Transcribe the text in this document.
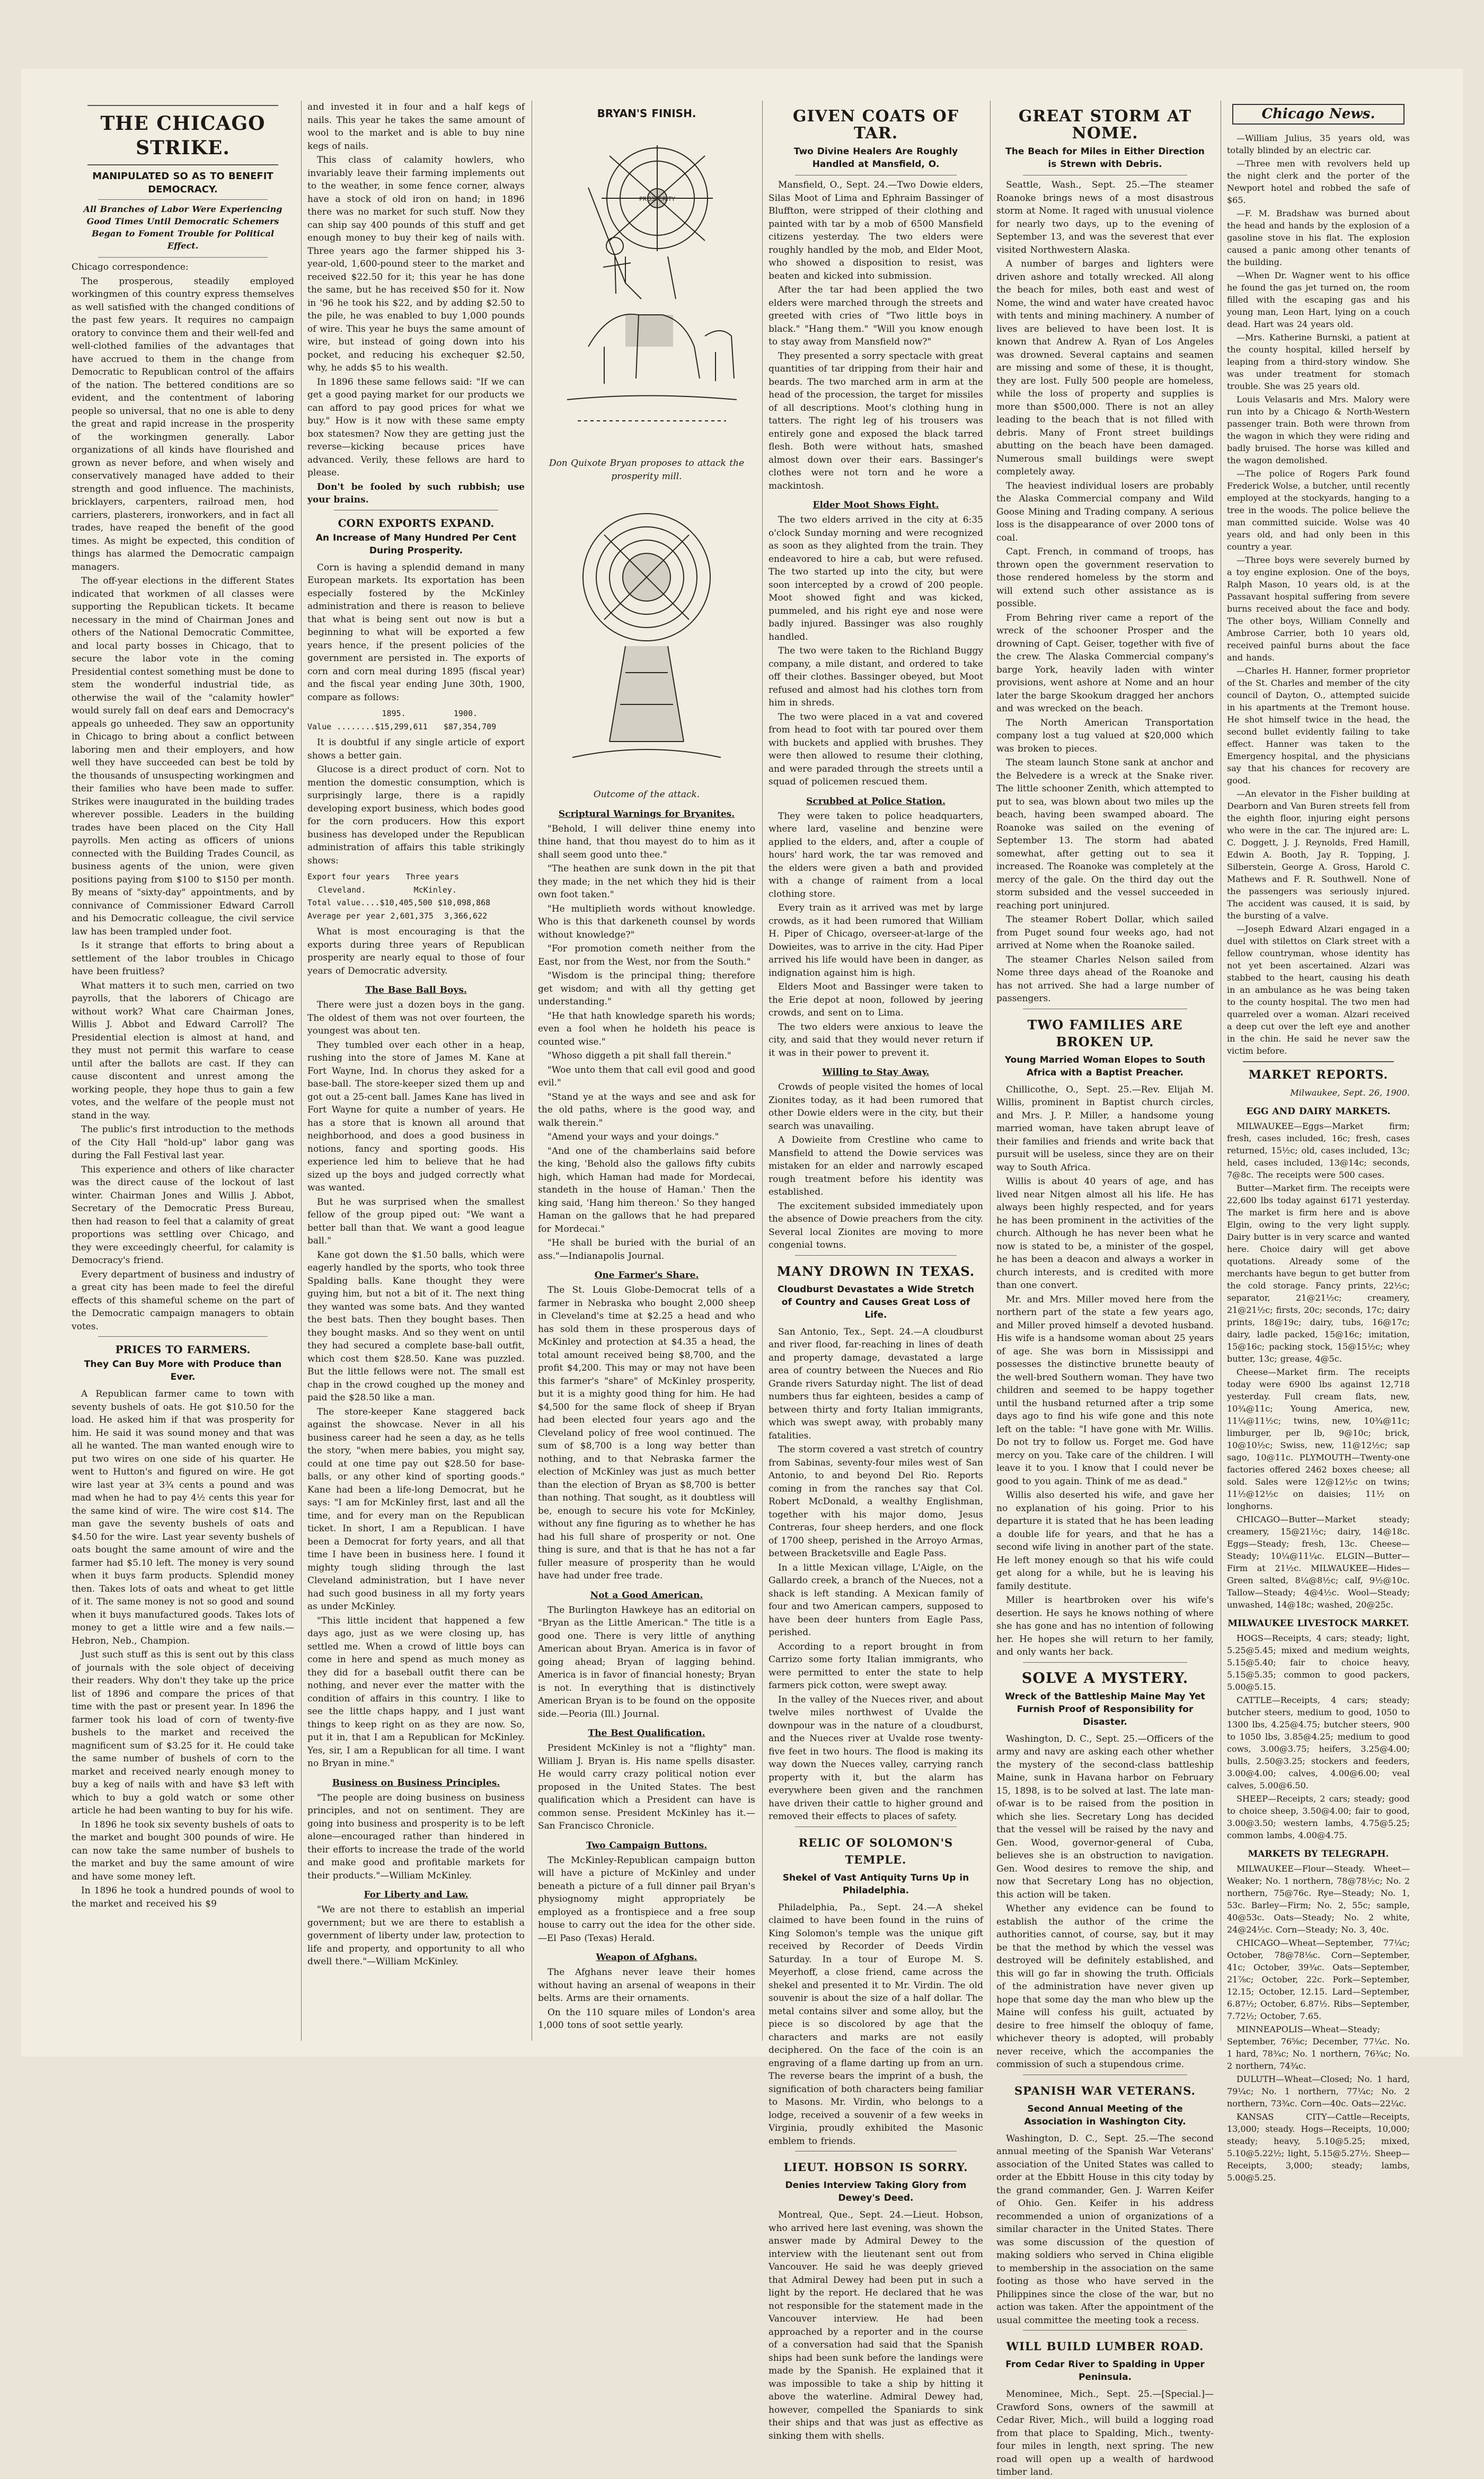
THE CHICAGO STRIKE.
MANIPULATED SO AS TO BENEFIT DEMOCRACY.
All Branches of Labor Were Experiencing Good Times Until Democratic Schemers Began to Foment Trouble for Political Effect.

Chicago correspondence:

The prosperous, steadily employed workingmen of this country express themselves as well satisfied with the changed conditions of the past few years. It requires no campaign oratory to convince them and their well-fed and well-clothed families of the advantages that have accrued to them in the change from Democratic to Republican control of the affairs of the nation. The bettered conditions are so evident, and the contentment of laboring people so universal, that no one is able to deny the great and rapid increase in the prosperity of the workingmen generally. Labor organizations of all kinds have flourished and grown as never before, and when wisely and conservatively managed have added to their strength and good influence. The machinists, bricklayers, carpenters, railroad men, hod carriers, plasterers, ironworkers, and in fact all trades, have reaped the benefit of the good times. As might be expected, this condition of things has alarmed the Democratic campaign managers.

The off-year elections in the different States indicated that workmen of all classes were supporting the Republican tickets. It became necessary in the mind of Chairman Jones and others of the National Democratic Committee, and local party bosses in Chicago, that to secure the labor vote in the coming Presidential contest something must be done to stem the wonderful industrial tide, as otherwise the wail of the "calamity howler" would surely fall on deaf ears and Democracy's appeals go unheeded. They saw an opportunity in Chicago to bring about a conflict between laboring men and their employers, and how well they have succeeded can best be told by the thousands of unsuspecting workingmen and their families who have been made to suffer. Strikes were inaugurated in the building trades wherever possible. Leaders in the building trades have been placed on the City Hall payrolls. Men acting as officers of unions connected with the Building Trades Council, as business agents of the union, were given positions paying from $100 to $150 per month. By means of "sixty-day" appointments, and by connivance of Commissioner Edward Carroll and his Democratic colleague, the civil service law has been trampled under foot.

Is it strange that efforts to bring about a settlement of the labor troubles in Chicago have been fruitless?

What matters it to such men, carried on two payrolls, that the laborers of Chicago are without work? What care Chairman Jones, Willis J. Abbot and Edward Carroll? The Presidential election is almost at hand, and they must not permit this warfare to cease until after the ballots are cast. If they can cause discontent and unrest among the working people, they hope thus to gain a few votes, and the welfare of the people must not stand in the way.

The public's first introduction to the methods of the City Hall "hold-up" labor gang was during the Fall Festival last year.

This experience and others of like character was the direct cause of the lockout of last winter. Chairman Jones and Willis J. Abbot, Secretary of the Democratic Press Bureau, then had reason to feel that a calamity of great proportions was settling over Chicago, and they were exceedingly cheerful, for calamity is Democracy's friend.

Every department of business and industry of a great city has been made to feel the direful effects of this shameful scheme on the part of the Democratic campaign managers to obtain votes.

PRICES TO FARMERS.
They Can Buy More with Produce than Ever.

A Republican farmer came to town with seventy bushels of oats. He got $10.50 for the load. He asked him if that was prosperity for him. He said it was sound money and that was all he wanted. The man wanted enough wire to put two wires on one side of his quarter. He went to Hutton's and figured on wire. He got wire last year at 3¾ cents a pound and was mad when he had to pay 4½ cents this year for the same kind of wire. The wire cost $14. The man gave the seventy bushels of oats and $4.50 for the wire. Last year seventy bushels of oats bought the same amount of wire and the farmer had $5.10 left. The money is very sound when it buys farm products. Splendid money then. Takes lots of oats and wheat to get little of it. The same money is not so good and sound when it buys manufactured goods. Takes lots of money to get a little wire and a few nails.—Hebron, Neb., Champion.

Just such stuff as this is sent out by this class of journals with the sole object of deceiving their readers. Why don't they take up the price list of 1896 and compare the prices of that time with the past or present year. In 1896 the farmer took his load of corn of twenty-five bushels to the market and received the magnificent sum of $3.25 for it. He could take the same number of bushels of corn to the market and received nearly enough money to buy a keg of nails with and have $3 left with which to buy a gold watch or some other article he had been wanting to buy for his wife.

In 1896 he took six seventy bushels of oats to the market and bought 300 pounds of wire. He can now take the same number of bushels to the market and buy the same amount of wire and have some money left.

In 1896 he took a hundred pounds of wool to the market and received his $9

and invested it in four and a half kegs of nails. This year he takes the same amount of wool to the market and is able to buy nine kegs of nails.

This class of calamity howlers, who invariably leave their farming implements out to the weather, in some fence corner, always have a stock of old iron on hand; in 1896 there was no market for such stuff. Now they can ship say 400 pounds of this stuff and get enough money to buy their keg of nails with. Three years ago the farmer shipped his 3-year-old, 1,600-pound steer to the market and received $22.50 for it; this year he has done the same, but he has received $50 for it. Now in '96 he took his $22, and by adding $2.50 to the pile, he was enabled to buy 1,000 pounds of wire. This year he buys the same amount of wire, but instead of going down into his pocket, and reducing his exchequer $2.50, why, he adds $5 to his wealth.

In 1896 these same fellows said: "If we can get a good paying market for our products we can afford to pay good prices for what we buy." How is it now with these same empty box statesmen? Now they are getting just the reverse—kicking because prices have advanced. Verily, these fellows are hard to please.

Don't be fooled by such rubbish; use your brains.

CORN EXPORTS EXPAND.
An Increase of Many Hundred Per Cent During Prosperity.

Corn is having a splendid demand in many European markets. Its exportation has been especially fostered by the McKinley administration and there is reason to believe that what is being sent out now is but a beginning to what will be exported a few years hence, if the present policies of the government are persisted in. The exports of corn and corn meal during 1895 (fiscal year) and the fiscal year ending June 30th, 1900, compare as follows:

1895.         1900.
Value ........$15,299,611   $87,354,709

It is doubtful if any single article of export shows a better gain.

Glucose is a direct product of corn. Not to mention the domestic consumption, which is surprisingly large, there is a rapidly developing export business, which bodes good for the corn producers. How this export business has developed under the Republican administration of affairs this table strikingly shows:

Export four years   Three years
Cleveland.         McKinley.
Total value....$10,405,500 $10,098,868
Average per year 2,601,375  3,366,622

What is most encouraging is that the exports during three years of Republican prosperity are nearly equal to those of four years of Democratic adversity.

The Base Ball Boys.

There were just a dozen boys in the gang. The oldest of them was not over fourteen, the youngest was about ten.

They tumbled over each other in a heap, rushing into the store of James M. Kane at Fort Wayne, Ind. In chorus they asked for a base-ball. The store-keeper sized them up and got out a 25-cent ball. James Kane has lived in Fort Wayne for quite a number of years. He has a store that is known all around that neighborhood, and does a good business in notions, fancy and sporting goods. His experience led him to believe that he had sized up the boys and judged correctly what was wanted.

But he was surprised when the smallest fellow of the group piped out: "We want a better ball than that. We want a good league ball."

Kane got down the $1.50 balls, which were eagerly handled by the sports, who took three Spalding balls. Kane thought they were guying him, but not a bit of it. The next thing they wanted was some bats. And they wanted the best bats. Then they bought bases. Then they bought masks. And so they went on until they had secured a complete base-ball outfit, which cost them $28.50. Kane was puzzled. But the little fellows were not. The small est chap in the crowd coughed up the money and paid the $28.50 like a man.

The store-keeper Kane staggered back against the showcase. Never in all his business career had he seen a day, as he tells the story, "when mere babies, you might say, could at one time pay out $28.50 for base-balls, or any other kind of sporting goods." Kane had been a life-long Democrat, but he says: "I am for McKinley first, last and all the time, and for every man on the Republican ticket. In short, I am a Republican. I have been a Democrat for forty years, and all that time I have been in business here. I found it mighty tough sliding through the last Cleveland administration, but I have never had such good business in all my forty years as under McKinley.

"This little incident that happened a few days ago, just as we were closing up, has settled me. When a crowd of little boys can come in here and spend as much money as they did for a baseball outfit there can be nothing, and never ever the matter with the condition of affairs in this country. I like to see the little chaps happy, and I just want things to keep right on as they are now. So, put it in, that I am a Republican for McKinley. Yes, sir, I am a Republican for all time. I want no Bryan in mine."

Business on Business Principles.

"The people are doing business on business principles, and not on sentiment. They are going into business and prosperity is to be left alone—encouraged rather than hindered in their efforts to increase the trade of the world and make good and profitable markets for their products."—William McKinley.

For Liberty and Law.

"We are not there to establish an imperial government; but we are there to establish a government of liberty under law, protection to life and property, and opportunity to all who dwell there."—William McKinley.

BRYAN'S FINISH.
PROSPERITY
Don Quixote Bryan proposes to attack the prosperity mill.
Outcome of the attack.
Scriptural Warnings for Bryanites.

"Behold, I will deliver thine enemy into thine hand, that thou mayest do to him as it shall seem good unto thee."

"The heathen are sunk down in the pit that they made; in the net which they hid is their own foot taken."

"He multiplieth words without knowledge. Who is this that darkeneth counsel by words without knowledge?"

"For promotion cometh neither from the East, nor from the West, nor from the South."

"Wisdom is the principal thing; therefore get wisdom; and with all thy getting get understanding."

"He that hath knowledge spareth his words; even a fool when he holdeth his peace is counted wise."

"Whoso diggeth a pit shall fall therein."

"Woe unto them that call evil good and good evil."

"Stand ye at the ways and see and ask for the old paths, where is the good way, and walk therein."

"Amend your ways and your doings."

"And one of the chamberlains said before the king, 'Behold also the gallows fifty cubits high, which Haman had made for Mordecai, standeth in the house of Haman.' Then the king said, 'Hang him thereon.' So they hanged Haman on the gallows that he had prepared for Mordecai."

"He shall be buried with the burial of an ass."—Indianapolis Journal.

One Farmer's Share.

The St. Louis Globe-Democrat tells of a farmer in Nebraska who bought 2,000 sheep in Cleveland's time at $2.25 a head and who has sold them in these prosperous days of McKinley and protection at $4.35 a head, the total amount received being $8,700, and the profit $4,200. This may or may not have been this farmer's "share" of McKinley prosperity, but it is a mighty good thing for him. He had $4,500 for the same flock of sheep if Bryan had been elected four years ago and the Cleveland policy of free wool continued. The sum of $8,700 is a long way better than nothing, and to that Nebraska farmer the election of McKinley was just as much better than the election of Bryan as $8,700 is better than nothing. That sought, as it doubtless will be, enough to secure his vote for McKinley, without any fine figuring as to whether he has had his full share of prosperity or not. One thing is sure, and that is that he has not a far fuller measure of prosperity than he would have had under free trade.

Not a Good American.

The Burlington Hawkeye has an editorial on "Bryan as the Little American." The title is a good one. There is very little of anything American about Bryan. America is in favor of going ahead; Bryan of lagging behind. America is in favor of financial honesty; Bryan is not. In everything that is distinctively American Bryan is to be found on the opposite side.—Peoria (Ill.) Journal.

The Best Qualification.

President McKinley is not a "flighty" man. William J. Bryan is. His name spells disaster. He would carry crazy political notion ever proposed in the United States. The best qualification which a President can have is common sense. President McKinley has it.—San Francisco Chronicle.

Two Campaign Buttons.

The McKinley-Republican campaign button will have a picture of McKinley and under beneath a picture of a full dinner pail Bryan's physiognomy might appropriately be employed as a frontispiece and a free soup house to carry out the idea for the other side.—El Paso (Texas) Herald.

Weapon of Afghans.

The Afghans never leave their homes without having an arsenal of weapons in their belts. Arms are their ornaments.

On the 110 square miles of London's area 1,000 tons of soot settle yearly.

GIVEN COATS OF TAR.
Two Divine Healers Are Roughly Handled at Mansfield, O.

Mansfield, O., Sept. 24.—Two Dowie elders, Silas Moot of Lima and Ephraim Bassinger of Bluffton, were stripped of their clothing and painted with tar by a mob of 6500 Mansfield citizens yesterday. The two elders were roughly handled by the mob, and Elder Moot, who showed a disposition to resist, was beaten and kicked into submission.

After the tar had been applied the two elders were marched through the streets and greeted with cries of "Two little boys in black." "Hang them." "Will you know enough to stay away from Mansfield now?"

They presented a sorry spectacle with great quantities of tar dripping from their hair and beards. The two marched arm in arm at the head of the procession, the target for missiles of all descriptions. Moot's clothing hung in tatters. The right leg of his trousers was entirely gone and exposed the black tarred flesh. Both were without hats, smashed almost down over their ears. Bassinger's clothes were not torn and he wore a mackintosh.

Elder Moot Shows Fight.

The two elders arrived in the city at 6:35 o'clock Sunday morning and were recognized as soon as they alighted from the train. They endeavored to hire a cab, but were refused. The two started up into the city, but were soon intercepted by a crowd of 200 people. Moot showed fight and was kicked, pummeled, and his right eye and nose were badly injured. Bassinger was also roughly handled.

The two were taken to the Richland Buggy company, a mile distant, and ordered to take off their clothes. Bassinger obeyed, but Moot refused and almost had his clothes torn from him in shreds.

The two were placed in a vat and covered from head to foot with tar poured over them with buckets and applied with brushes. They were then allowed to resume their clothing, and were paraded through the streets until a squad of policemen rescued them.

Scrubbed at Police Station.

They were taken to police headquarters, where lard, vaseline and benzine were applied to the elders, and, after a couple of hours' hard work, the tar was removed and the elders were given a bath and provided with a change of raiment from a local clothing store.

Every train as it arrived was met by large crowds, as it had been rumored that William H. Piper of Chicago, overseer-at-large of the Dowieites, was to arrive in the city. Had Piper arrived his life would have been in danger, as indignation against him is high.

Elders Moot and Bassinger were taken to the Erie depot at noon, followed by jeering crowds, and sent on to Lima.

The two elders were anxious to leave the city, and said that they would never return if it was in their power to prevent it.

Willing to Stay Away.

Crowds of people visited the homes of local Zionites today, as it had been rumored that other Dowie elders were in the city, but their search was unavailing.

A Dowieite from Crestline who came to Mansfield to attend the Dowie services was mistaken for an elder and narrowly escaped rough treatment before his identity was established.

The excitement subsided immediately upon the absence of Dowie preachers from the city. Several local Zionites are moving to more congenial towns.

MANY DROWN IN TEXAS.
Cloudburst Devastates a Wide Stretch of Country and Causes Great Loss of Life.

San Antonio, Tex., Sept. 24.—A cloudburst and river flood, far-reaching in lines of death and property damage, devastated a large area of country between the Nueces and Rio Grande rivers Saturday night. The list of dead numbers thus far eighteen, besides a camp of between thirty and forty Italian immigrants, which was swept away, with probably many fatalities.

The storm covered a vast stretch of country from Sabinas, seventy-four miles west of San Antonio, to and beyond Del Rio. Reports coming in from the ranches say that Col. Robert McDonald, a wealthy Englishman, together with his major domo, Jesus Contreras, four sheep herders, and one flock of 1700 sheep, perished in the Arroyo Armas, between Bracketsville and Eagle Pass.

In a little Mexican village, L'Aigle, on the Gallardo creek, a branch of the Nueces, not a shack is left standing. A Mexican family of four and two American campers, supposed to have been deer hunters from Eagle Pass, perished.

According to a report brought in from Carrizo some forty Italian immigrants, who were permitted to enter the state to help farmers pick cotton, were swept away.

In the valley of the Nueces river, and about twelve miles northwest of Uvalde the downpour was in the nature of a cloudburst, and the Nueces river at Uvalde rose twenty-five feet in two hours. The flood is making its way down the Nueces valley, carrying ranch property with it, but the alarm has everywhere been given and the ranchmen have driven their cattle to higher ground and removed their effects to places of safety.

RELIC OF SOLOMON'S TEMPLE.
Shekel of Vast Antiquity Turns Up in Philadelphia.

Philadelphia, Pa., Sept. 24.—A shekel claimed to have been found in the ruins of King Solomon's temple was the unique gift received by Recorder of Deeds Virdin Saturday. In a tour of Europe M. S. Meyerhoff, a close friend, came across the shekel and presented it to Mr. Virdin. The old souvenir is about the size of a half dollar. The metal contains silver and some alloy, but the piece is so discolored by age that the characters and marks are not easily deciphered. On the face of the coin is an engraving of a flame darting up from an urn. The reverse bears the imprint of a bush, the signification of both characters being familiar to Masons. Mr. Virdin, who belongs to a lodge, received a souvenir of a few weeks in Virginia, proudly exhibited the Masonic emblem to friends.

LIEUT. HOBSON IS SORRY.
Denies Interview Taking Glory from Dewey's Deed.

Montreal, Que., Sept. 24.—Lieut. Hobson, who arrived here last evening, was shown the answer made by Admiral Dewey to the interview with the lieutenant sent out from Vancouver. He said he was deeply grieved that Admiral Dewey had been put in such a light by the report. He declared that he was not responsible for the statement made in the Vancouver interview. He had been approached by a reporter and in the course of a conversation had said that the Spanish ships had been sunk before the landings were made by the Spanish. He explained that it was impossible to take a ship by hitting it above the waterline. Admiral Dewey had, however, compelled the Spaniards to sink their ships and that was just as effective as sinking them with shells.

GREAT STORM AT NOME.
The Beach for Miles in Either Direction is Strewn with Debris.

Seattle, Wash., Sept. 25.—The steamer Roanoke brings news of a most disastrous storm at Nome. It raged with unusual violence for nearly two days, up to the evening of September 13, and was the severest that ever visited Northwestern Alaska.

A number of barges and lighters were driven ashore and totally wrecked. All along the beach for miles, both east and west of Nome, the wind and water have created havoc with tents and mining machinery. A number of lives are believed to have been lost. It is known that Andrew A. Ryan of Los Angeles was drowned. Several captains and seamen are missing and some of these, it is thought, they are lost. Fully 500 people are homeless, while the loss of property and supplies is more than $500,000. There is not an alley leading to the beach that is not filled with debris. Many of Front street buildings abutting on the beach have been damaged. Numerous small buildings were swept completely away.

The heaviest individual losers are probably the Alaska Commercial company and Wild Goose Mining and Trading company. A serious loss is the disappearance of over 2000 tons of coal.

Capt. French, in command of troops, has thrown open the government reservation to those rendered homeless by the storm and will extend such other assistance as is possible.

From Behring river came a report of the wreck of the schooner Prosper and the drowning of Capt. Geiser, together with five of the crew. The Alaska Commercial company's barge York, heavily laden with winter provisions, went ashore at Nome and an hour later the barge Skookum dragged her anchors and was wrecked on the beach.

The North American Transportation company lost a tug valued at $20,000 which was broken to pieces.

The steam launch Stone sank at anchor and the Belvedere is a wreck at the Snake river. The little schooner Zenith, which attempted to put to sea, was blown about two miles up the beach, having been swamped aboard. The Roanoke was sailed on the evening of September 13. The storm had abated somewhat, after getting out to sea it increased. The Roanoke was completely at the mercy of the gale. On the third day out the storm subsided and the vessel succeeded in reaching port uninjured.

The steamer Robert Dollar, which sailed from Puget sound four weeks ago, had not arrived at Nome when the Roanoke sailed.

The steamer Charles Nelson sailed from Nome three days ahead of the Roanoke and has not arrived. She had a large number of passengers.

TWO FAMILIES ARE BROKEN UP.
Young Married Woman Elopes to South Africa with a Baptist Preacher.

Chillicothe, O., Sept. 25.—Rev. Elijah M. Willis, prominent in Baptist church circles, and Mrs. J. P. Miller, a handsome young married woman, have taken abrupt leave of their families and friends and write back that pursuit will be useless, since they are on their way to South Africa.

Willis is about 40 years of age, and has lived near Nitgen almost all his life. He has always been highly respected, and for years he has been prominent in the activities of the church. Although he has never been what he now is stated to be, a minister of the gospel, he has been a deacon and always a worker in church interests, and is credited with more than one convert.

Mr. and Mrs. Miller moved here from the northern part of the state a few years ago, and Miller proved himself a devoted husband. His wife is a handsome woman about 25 years of age. She was born in Mississippi and possesses the distinctive brunette beauty of the well-bred Southern woman. They have two children and seemed to be happy together until the husband returned after a trip some days ago to find his wife gone and this note left on the table: "I have gone with Mr. Willis. Do not try to follow us. Forget me. God have mercy on you. Take care of the children. I will leave it to you. I know that I could never be good to you again. Think of me as dead."

Willis also deserted his wife, and gave her no explanation of his going. Prior to his departure it is stated that he has been leading a double life for years, and that he has a second wife living in another part of the state. He left money enough so that his wife could get along for a while, but he is leaving his family destitute.

Miller is heartbroken over his wife's desertion. He says he knows nothing of where she has gone and has no intention of following her. He hopes she will return to her family, and only wants her back.

SOLVE A MYSTERY.
Wreck of the Battleship Maine May Yet Furnish Proof of Responsibility for Disaster.

Washington, D. C., Sept. 25.—Officers of the army and navy are asking each other whether the mystery of the second-class battleship Maine, sunk in Havana harbor on February 15, 1898, is to be solved at last. The late man-of-war is to be raised from the position in which she lies. Secretary Long has decided that the vessel will be raised by the navy and Gen. Wood, governor-general of Cuba, believes she is an obstruction to navigation. Gen. Wood desires to remove the ship, and now that Secretary Long has no objection, this action will be taken.

Whether any evidence can be found to establish the author of the crime the authorities cannot, of course, say, but it may be that the method by which the vessel was destroyed will be definitely established, and this will go far in showing the truth. Officials of the administration have never given up hope that some day the man who blew up the Maine will confess his guilt, actuated by desire to free himself the obloquy of fame, whichever theory is adopted, will probably never receive, which the accompanies the commission of such a stupendous crime.

SPANISH WAR VETERANS.
Second Annual Meeting of the Association in Washington City.

Washington, D. C., Sept. 25.—The second annual meeting of the Spanish War Veterans' association of the United States was called to order at the Ebbitt House in this city today by the grand commander, Gen. J. Warren Keifer of Ohio. Gen. Keifer in his address recommended a union of organizations of a similar character in the United States. There was some discussion of the question of making soldiers who served in China eligible to membership in the association on the same footing as those who have served in the Philippines since the close of the war, but no action was taken. After the appointment of the usual committee the meeting took a recess.

WILL BUILD LUMBER ROAD.
From Cedar River to Spalding in Upper Peninsula.

Menominee, Mich., Sept. 25.—[Special.]—Crawford Sons, owners of the sawmill at Cedar River, Mich., will build a logging road from that place to Spalding, Mich., twenty-four miles in length, next spring. The new road will open up a wealth of hardwood timber land.

Chicago News.

—William Julius, 35 years old, was totally blinded by an electric car.

—Three men with revolvers held up the night clerk and the porter of the Newport hotel and robbed the safe of $65.

—F. M. Bradshaw was burned about the head and hands by the explosion of a gasoline stove in his flat. The explosion caused a panic among other tenants of the building.

—When Dr. Wagner went to his office he found the gas jet turned on, the room filled with the escaping gas and his young man, Leon Hart, lying on a couch dead. Hart was 24 years old.

—Mrs. Katherine Burnski, a patient at the county hospital, killed herself by leaping from a third-story window. She was under treatment for stomach trouble. She was 25 years old.

Louis Velasaris and Mrs. Malory were run into by a Chicago & North-Western passenger train. Both were thrown from the wagon in which they were riding and badly bruised. The horse was killed and the wagon demolished.

—The police of Rogers Park found Frederick Wolse, a butcher, until recently employed at the stockyards, hanging to a tree in the woods. The police believe the man committed suicide. Wolse was 40 years old, and had only been in this country a year.

—Three boys were severely burned by a toy engine explosion. One of the boys, Ralph Mason, 10 years old, is at the Passavant hospital suffering from severe burns received about the face and body. The other boys, William Connelly and Ambrose Carrier, both 10 years old, received painful burns about the face and hands.

—Charles H. Hanner, former proprietor of the St. Charles and member of the city council of Dayton, O., attempted suicide in his apartments at the Tremont house. He shot himself twice in the head, the second bullet evidently failing to take effect. Hanner was taken to the Emergency hospital, and the physicians say that his chances for recovery are good.

—An elevator in the Fisher building at Dearborn and Van Buren streets fell from the eighth floor, injuring eight persons who were in the car. The injured are: L. C. Doggett, J. J. Reynolds, Fred Hamill, Edwin A. Booth, Jay R. Topping, J. Silberstein, George A. Gross, Harold C. Mathews and F. R. Southwell. None of the passengers was seriously injured. The accident was caused, it is said, by the bursting of a valve.

—Joseph Edward Alzari engaged in a duel with stilettos on Clark street with a fellow countryman, whose identity has not yet been ascertained. Alzari was stabbed to the heart, causing his death in an ambulance as he was being taken to the county hospital. The two men had quarreled over a woman. Alzari received a deep cut over the left eye and another in the chin. He said he never saw the victim before.

MARKET REPORTS.
Milwaukee, Sept. 26, 1900.
EGG AND DAIRY MARKETS.

MILWAUKEE—Eggs—Market firm; fresh, cases included, 16c; fresh, cases returned, 15½c; old, cases included, 13c; held, cases included, 13@14c; seconds, 7@8c. The receipts were 500 cases.

Butter—Market firm. The receipts were 22,600 lbs today against 6171 yesterday. The market is firm here and is above Elgin, owing to the very light supply. Dairy butter is in very scarce and wanted here. Choice dairy will get above quotations. Already some of the merchants have begun to get butter from the cold storage. Fancy prints, 22½c; separator, 21@21½c; creamery, 21@21½c; firsts, 20c; seconds, 17c; dairy prints, 18@19c; dairy, tubs, 16@17c; dairy, ladle packed, 15@16c; imitation, 15@16c; packing stock, 15@15½c; whey butter, 13c; grease, 4@5c.

Cheese—Market firm. The receipts today were 6900 lbs against 12,718 yesterday. Full cream flats, new, 10¾@11c; Young America, new, 11¼@11½c; twins, new, 10¾@11c; limburger, per lb, 9@10c; brick, 10@10½c; Swiss, new, 11@12½c; sap sago, 10@11c. PLYMOUTH—Twenty-one factories offered 2462 boxes cheese; all sold. Sales were 12@12½c on twins; 11½@12½c on daisies; 11½ on longhorns.

CHICAGO—Butter—Market steady; creamery, 15@21½c; dairy, 14@18c. Eggs—Steady; fresh, 13c. Cheese—Steady; 10¼@11¼c. ELGIN—Butter—Firm at 21½c. MILWAUKEE—Hides—Green salted, 8¼@8½c; calf, 9½@10c. Tallow—Steady; 4@4½c. Wool—Steady; unwashed, 14@18c; washed, 20@25c.

MILWAUKEE LIVESTOCK MARKET.

HOGS—Receipts, 4 cars; steady; light, 5.25@5.45; mixed and medium weights, 5.15@5.40; fair to choice heavy, 5.15@5.35; common to good packers, 5.00@5.15.

CATTLE—Receipts, 4 cars; steady; butcher steers, medium to good, 1050 to 1300 lbs, 4.25@4.75; butcher steers, 900 to 1050 lbs, 3.85@4.25; medium to good cows, 3.00@3.75; heifers, 3.25@4.00; bulls, 2.50@3.25; stockers and feeders, 3.00@4.00; calves, 4.00@6.00; veal calves, 5.00@6.50.

SHEEP—Receipts, 2 cars; steady; good to choice sheep, 3.50@4.00; fair to good, 3.00@3.50; western lambs, 4.75@5.25; common lambs, 4.00@4.75.

MARKETS BY TELEGRAPH.

MILWAUKEE—Flour—Steady. Wheet—Weaker; No. 1 northern, 78@78½c; No. 2 northern, 75@76c. Rye—Steady; No. 1, 53c. Barley—Firm; No. 2, 55c; sample, 40@53c. Oats—Steady; No. 2 white, 24@24½c. Corn—Steady; No. 3, 40c.

CHICAGO—Wheat—September, 77¼c; October, 78@78⅛c. Corn—September, 41c; October, 39¾c. Oats—September, 21⅞c; October, 22c. Pork—September, 12.15; October, 12.15. Lard—September, 6.87½; October, 6.87½. Ribs—September, 7.72½; October, 7.65.

MINNEAPOLIS—Wheat—Steady; September, 76⅝c; December, 77¼c. No. 1 hard, 78¾c; No. 1 northern, 76¾c; No. 2 northern, 74¾c.

DULUTH—Wheat—Closed; No. 1 hard, 79¼c; No. 1 northern, 77¼c; No. 2 northern, 73¾c. Corn—40c. Oats—22¼c.

KANSAS CITY—Cattle—Receipts, 13,000; steady. Hogs—Receipts, 10,000; steady; heavy, 5.10@5.25; mixed, 5.10@5.22½; light, 5.15@5.27½. Sheep—Receipts, 3,000; steady; lambs, 5.00@5.25.
